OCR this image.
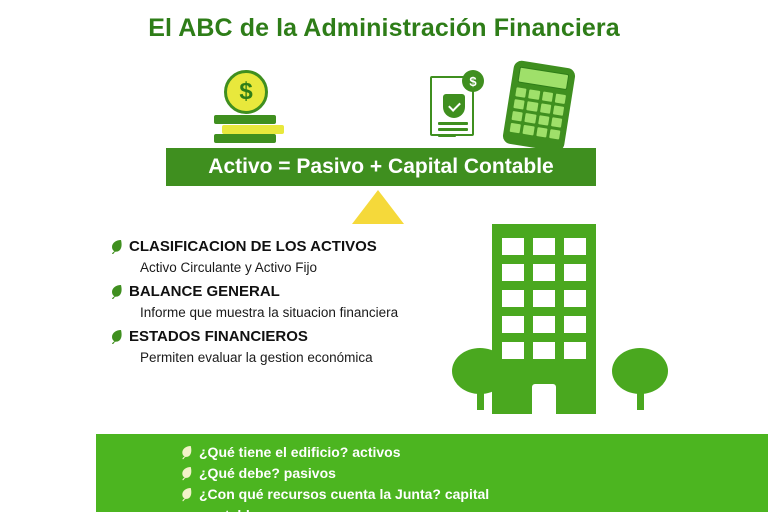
El ABC de la Administración Financiera
$	$
Activo = Pasivo + Capital Contable
CLASIFICACION DE LOS ACTIVOS
Activo Circulante y Activo Fijo
BALANCE GENERAL
Informe que muestra la situacion financiera
ESTADOS FINANCIEROS
Permiten evaluar la gestion económica
¿Qué tiene el edificio? activos
¿Qué debe? pasivos
¿Con qué recursos cuenta la Junta? capital
contable
